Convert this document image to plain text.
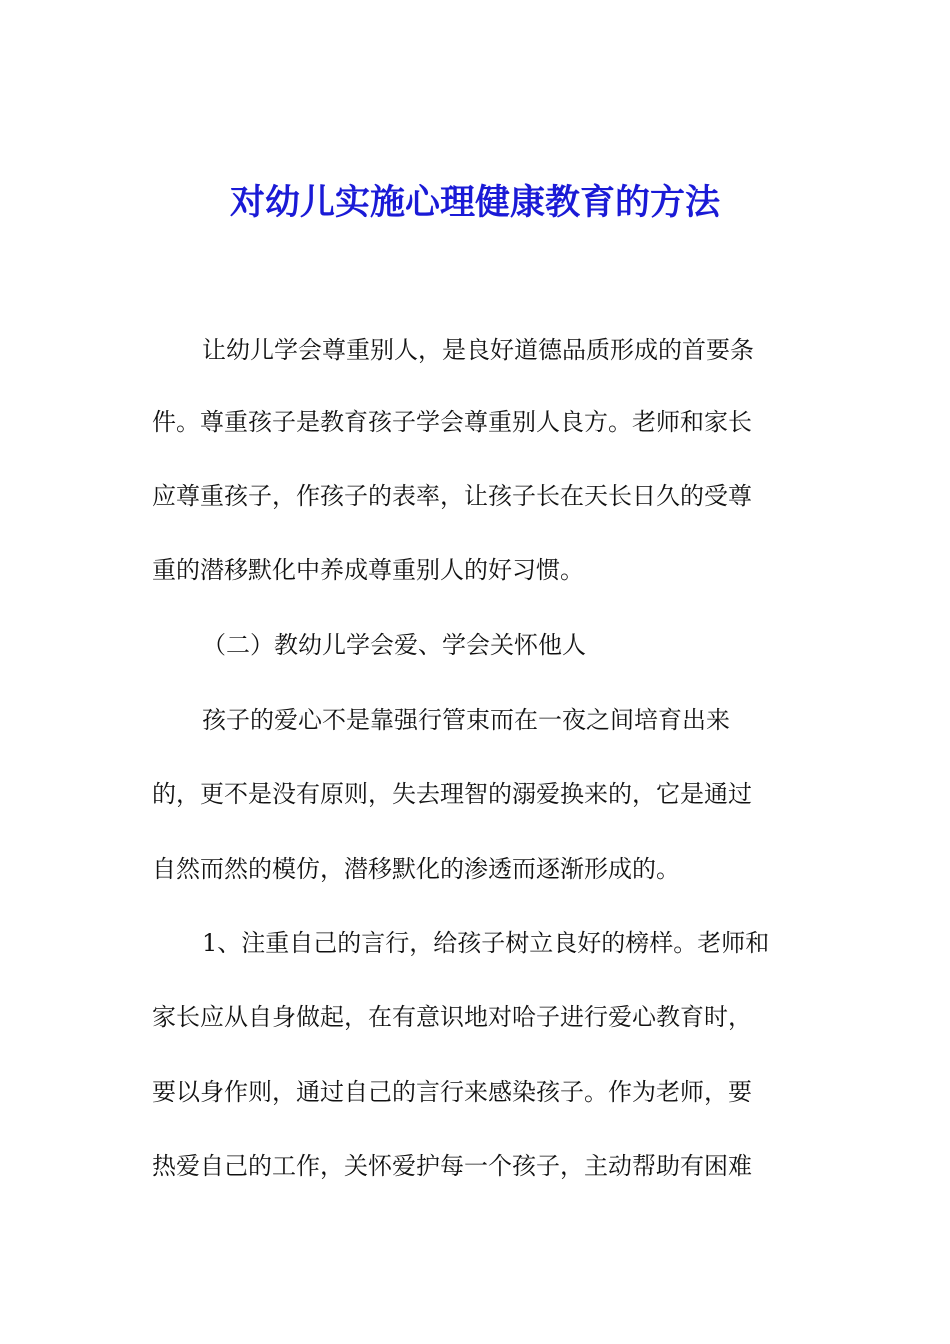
对幼儿实施心理健康教育的方法
让幼儿学会尊重别人，是良好道德品质形成的首要条
件。尊重孩子是教育孩子学会尊重别人良方。老师和家长
应尊重孩子，作孩子的表率，让孩子长在天长日久的受尊
重的潜移默化中养成尊重别人的好习惯。
（二）教幼儿学会爱、学会关怀他人
孩子的爱心不是靠强行管束而在一夜之间培育出来
的，更不是没有原则，失去理智的溺爱换来的，它是通过
自然而然的模仿，潜移默化的渗透而逐渐形成的。
1、注重自己的言行，给孩子树立良好的榜样。老师和
家长应从自身做起，在有意识地对哈子进行爱心教育时，
要以身作则，通过自己的言行来感染孩子。作为老师，要
热爱自己的工作，关怀爱护每一个孩子，主动帮助有困难
